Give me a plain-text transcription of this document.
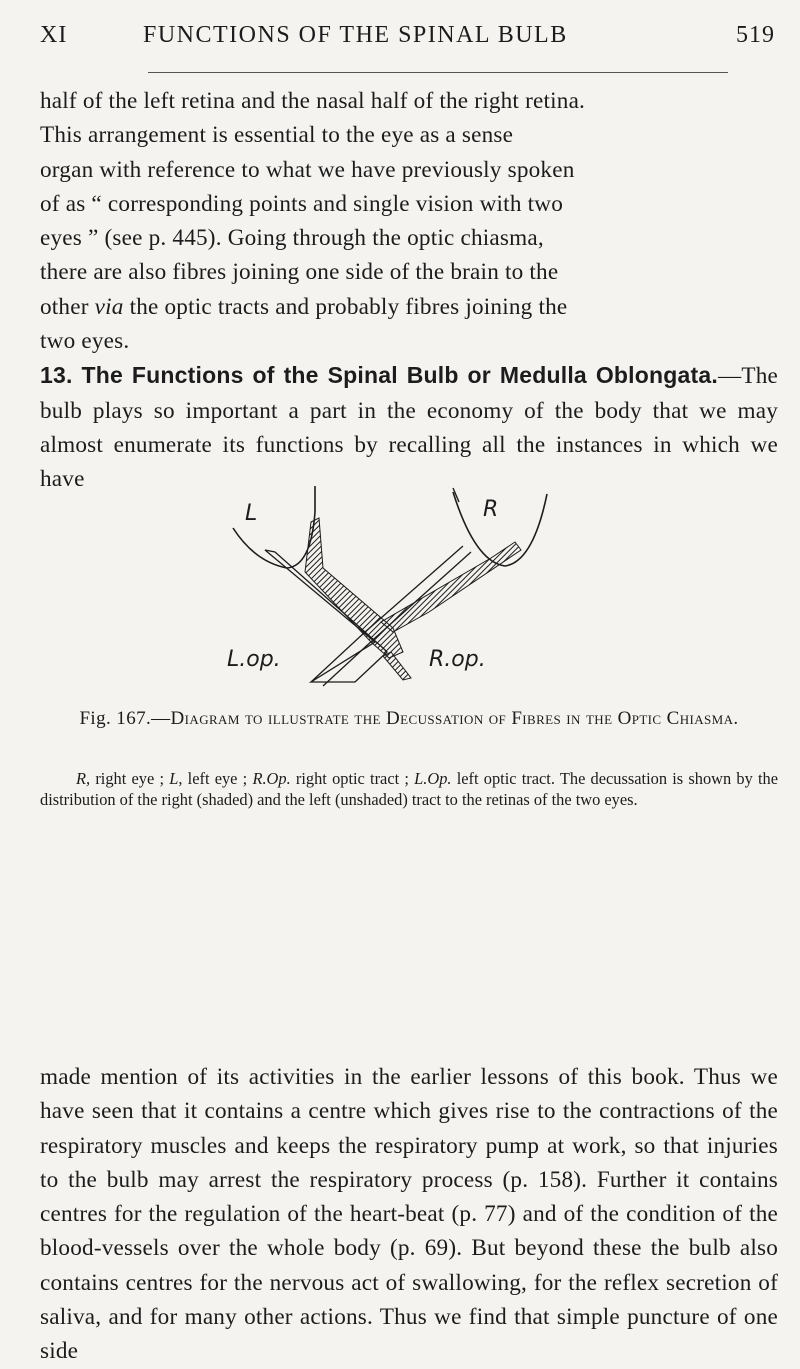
XI	FUNCTIONS OF THE SPINAL BULB	519

half of the left retina and the nasal half of the right retina.

This arrangement is essential to the eye as a sense

organ with reference to what we have previously spoken

of as “ corresponding points and single vision with two

eyes ” (see p. 445). Going through the optic chiasma,

there are also fibres joining one side of the brain to the

other via the optic tracts and probably fibres joining the

two eyes.

13. The Functions of the Spinal Bulb or Medulla Oblongata.—The bulb plays so important a part in the economy of the body that we may almost enumerate its functions by recalling all the instances in which we have

L	R
L.op.	R.op.
Fig. 167.—Diagram to illustrate the Decussation of Fibres in the Optic Chiasma.

R, right eye ; L, left eye ; R.Op. right optic tract ; L.Op. left optic tract. The decussation is shown by the distribution of the right (shaded) and the left (unshaded) tract to the retinas of the two eyes.

made mention of its activities in the earlier lessons of this book. Thus we have seen that it contains a centre which gives rise to the contractions of the respiratory muscles and keeps the respiratory pump at work, so that injuries to the bulb may arrest the respiratory process (p. 158). Further it contains centres for the regulation of the heart-beat (p. 77) and of the condition of the blood-vessels over the whole body (p. 69). But beyond these the bulb also contains centres for the nervous act of swallowing, for the reflex secretion of saliva, and for many other actions. Thus we find that simple puncture of one side
